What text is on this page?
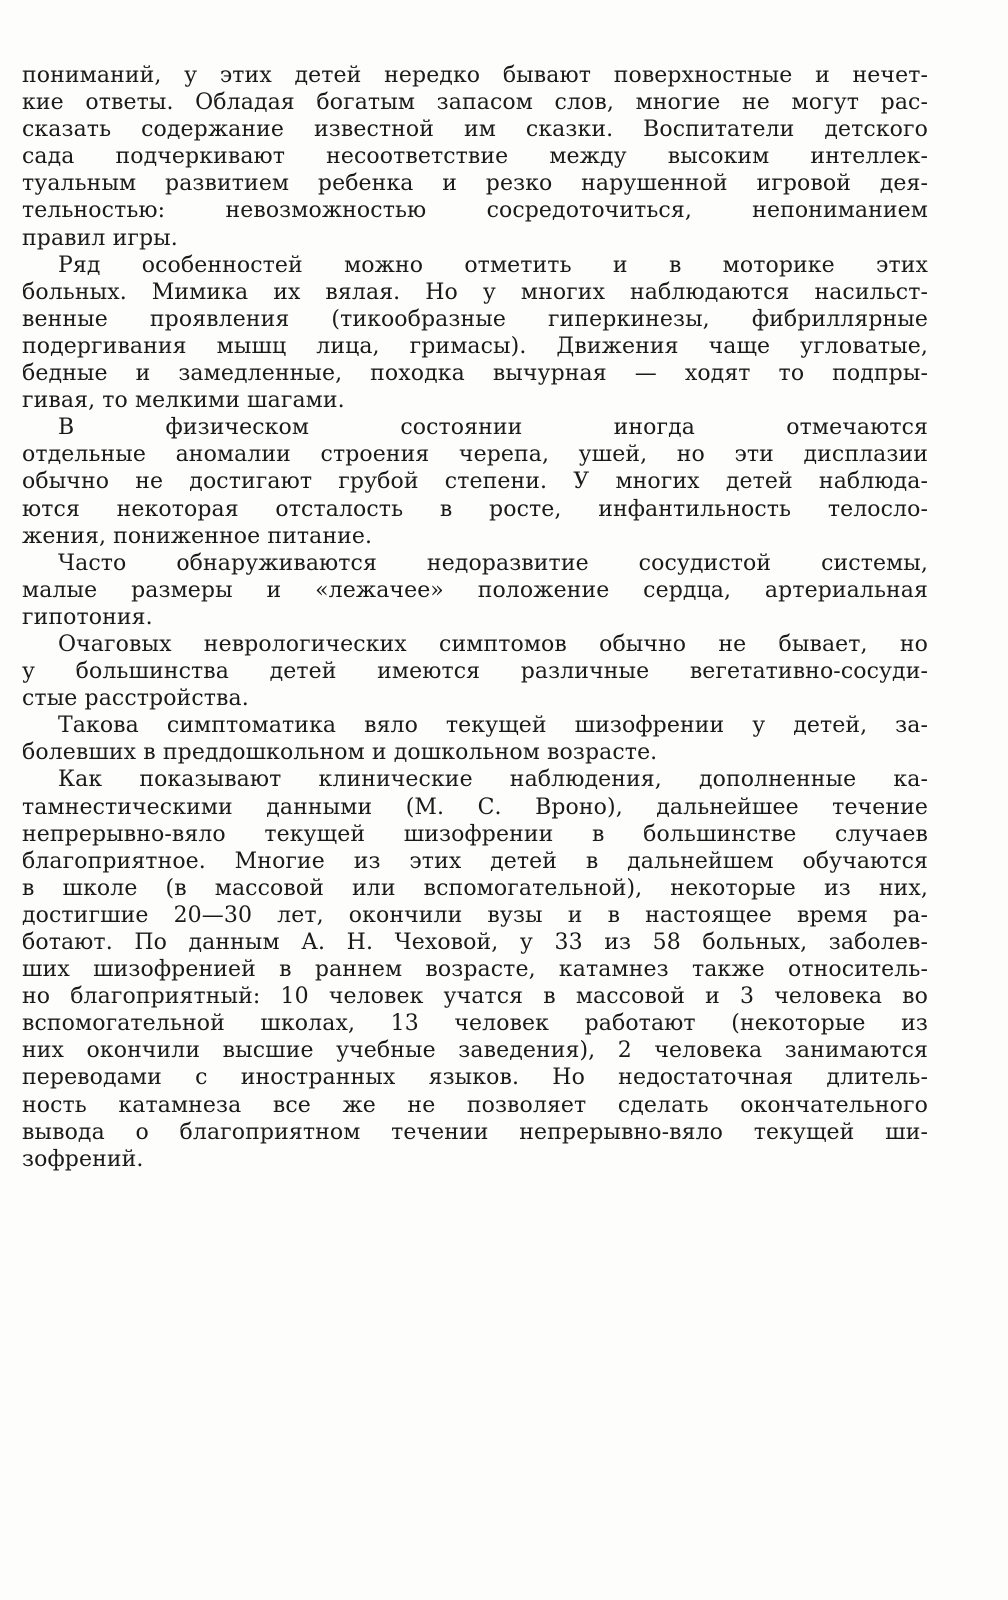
пониманий, у этих детей нередко бывают поверхностные и нечет-
кие ответы. Обладая богатым запасом слов, многие не могут рас-
сказать содержание известной им сказки. Воспитатели детского
сада подчеркивают несоответствие между высоким интеллек-
туальным развитием ребенка и резко нарушенной игровой дея-
тельностью: невозможностью сосредоточиться, непониманием
правил игры.
Ряд особенностей можно отметить и в моторике этих
больных. Мимика их вялая. Но у многих наблюдаются насильст-
венные проявления (тикообразные гиперкинезы, фибриллярные
подергивания мышц лица, гримасы). Движения чаще угловатые,
бедные и замедленные, походка вычурная — ходят то подпры-
гивая, то мелкими шагами.
В физическом состоянии иногда отмечаются
отдельные аномалии строения черепа, ушей, но эти дисплазии
обычно не достигают грубой степени. У многих детей наблюда-
ются некоторая отсталость в росте, инфантильность телосло-
жения, пониженное питание.
Часто обнаруживаются недоразвитие сосудистой системы,
малые размеры и «лежачее» положение сердца, артериальная
гипотония.
Очаговых неврологических симптомов обычно не бывает, но
у большинства детей имеются различные вегетативно-сосуди-
стые расстройства.
Такова симптоматика вяло текущей шизофрении у детей, за-
болевших в преддошкольном и дошкольном возрасте.
Как показывают клинические наблюдения, дополненные ка-
тамнестическими данными (М. С. Вроно), дальнейшее течение
непрерывно-вяло текущей шизофрении в большинстве случаев
благоприятное. Многие из этих детей в дальнейшем обучаются
в школе (в массовой или вспомогательной), некоторые из них,
достигшие 20—30 лет, окончили вузы и в настоящее время ра-
ботают. По данным А. Н. Чеховой, у 33 из 58 больных, заболев-
ших шизофренией в раннем возрасте, катамнез также относитель-
но благоприятный: 10 человек учатся в массовой и 3 человека во
вспомогательной школах, 13 человек работают (некоторые из
них окончили высшие учебные заведения), 2 человека занимаются
переводами с иностранных языков. Но недостаточная длитель-
ность катамнеза все же не позволяет сделать окончательного
вывода о благоприятном течении непрерывно-вяло текущей ши-
зофрений.
